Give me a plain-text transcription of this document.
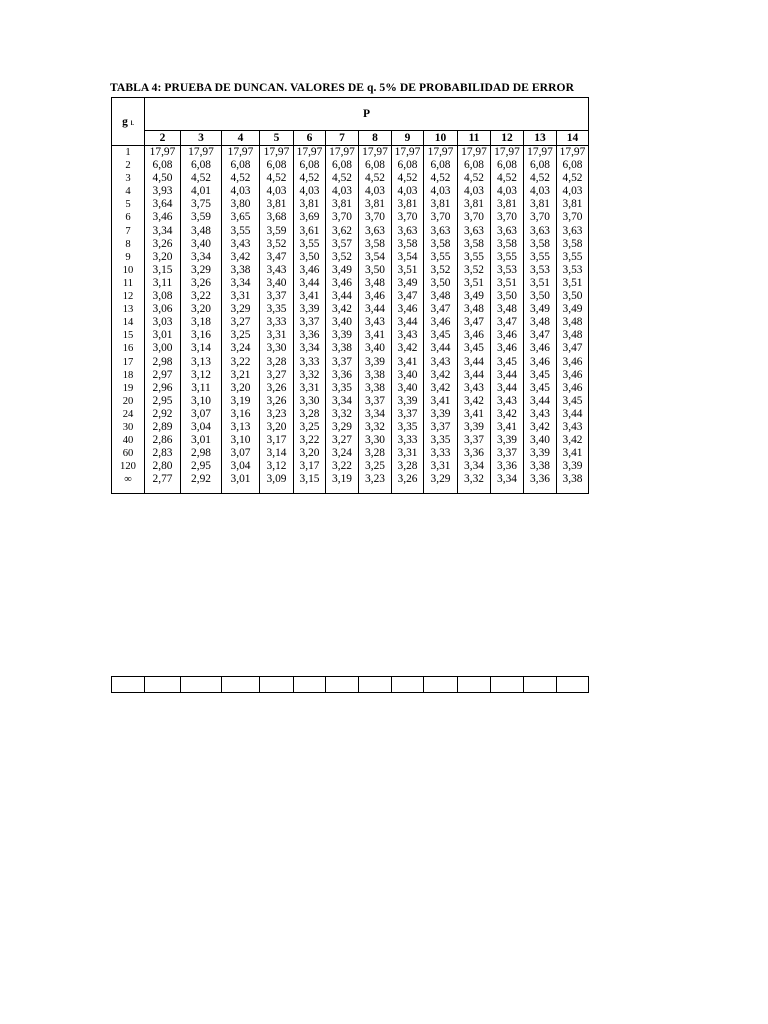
TABLA 4: PRUEBA DE DUNCAN. VALORES DE q. 5% DE PROBABILIDAD DE ERROR
g l.	P												
	2	3	4	5	6	7	8	9	10	11	12	13	14
1	17,97	17,97	17,97	17,97	17,97	17,97	17,97	17,97	17,97	17,97	17,97	17,97	17,97
2	6,08	6,08	6,08	6,08	6,08	6,08	6,08	6,08	6,08	6,08	6,08	6,08	6,08
3	4,50	4,52	4,52	4,52	4,52	4,52	4,52	4,52	4,52	4,52	4,52	4,52	4,52
4	3,93	4,01	4,03	4,03	4,03	4,03	4,03	4,03	4,03	4,03	4,03	4,03	4,03
5	3,64	3,75	3,80	3,81	3,81	3,81	3,81	3,81	3,81	3,81	3,81	3,81	3,81
6	3,46	3,59	3,65	3,68	3,69	3,70	3,70	3,70	3,70	3,70	3,70	3,70	3,70
7	3,34	3,48	3,55	3,59	3,61	3,62	3,63	3,63	3,63	3,63	3,63	3,63	3,63
8	3,26	3,40	3,43	3,52	3,55	3,57	3,58	3,58	3,58	3,58	3,58	3,58	3,58
9	3,20	3,34	3,42	3,47	3,50	3,52	3,54	3,54	3,55	3,55	3,55	3,55	3,55
10	3,15	3,29	3,38	3,43	3,46	3,49	3,50	3,51	3,52	3,52	3,53	3,53	3,53
11	3,11	3,26	3,34	3,40	3,44	3,46	3,48	3,49	3,50	3,51	3,51	3,51	3,51
12	3,08	3,22	3,31	3,37	3,41	3,44	3,46	3,47	3,48	3,49	3,50	3,50	3,50
13	3,06	3,20	3,29	3,35	3,39	3,42	3,44	3,46	3,47	3,48	3,48	3,49	3,49
14	3,03	3,18	3,27	3,33	3,37	3,40	3,43	3,44	3,46	3,47	3,47	3,48	3,48
15	3,01	3,16	3,25	3,31	3,36	3,39	3,41	3,43	3,45	3,46	3,46	3,47	3,48
16	3,00	3,14	3,24	3,30	3,34	3,38	3,40	3,42	3,44	3,45	3,46	3,46	3,47
17	2,98	3,13	3,22	3,28	3,33	3,37	3,39	3,41	3,43	3,44	3,45	3,46	3,46
18	2,97	3,12	3,21	3,27	3,32	3,36	3,38	3,40	3,42	3,44	3,44	3,45	3,46
19	2,96	3,11	3,20	3,26	3,31	3,35	3,38	3,40	3,42	3,43	3,44	3,45	3,46
20	2,95	3,10	3,19	3,26	3,30	3,34	3,37	3,39	3,41	3,42	3,43	3,44	3,45
24	2,92	3,07	3,16	3,23	3,28	3,32	3,34	3,37	3,39	3,41	3,42	3,43	3,44
30	2,89	3,04	3,13	3,20	3,25	3,29	3,32	3,35	3,37	3,39	3,41	3,42	3,43
40	2,86	3,01	3,10	3,17	3,22	3,27	3,30	3,33	3,35	3,37	3,39	3,40	3,42
60	2,83	2,98	3,07	3,14	3,20	3,24	3,28	3,31	3,33	3,36	3,37	3,39	3,41
120	2,80	2,95	3,04	3,12	3,17	3,22	3,25	3,28	3,31	3,34	3,36	3,38	3,39
∞	2,77	2,92	3,01	3,09	3,15	3,19	3,23	3,26	3,29	3,32	3,34	3,36	3,38
